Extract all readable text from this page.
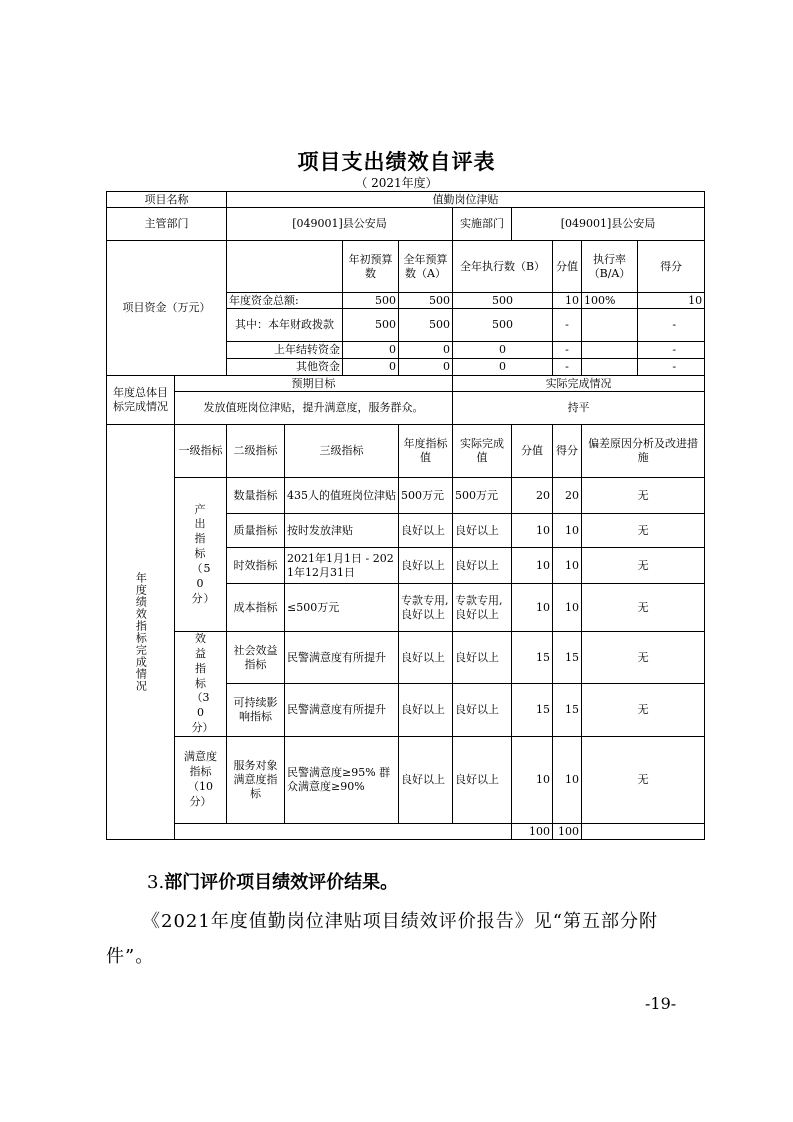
项目支出绩效自评表
（ 2021年度）
项目名称		值勤岗位津贴								
主管部门		[049001]县公安局				实施部门	[049001]县公安局			
项目资金（万元）				年初预算数	全年预算数（A）	全年执行数（B）		分值	执行率（B/A）	得分
		年度资金总额:		500	500	500		10	100%	10
		其中：本年财政拨款		500	500	500		-		-
		上年结转资金		0	0	0		-		-
		其他资金		0	0	0		-		-
年度总体目标完成情况	预期目标					实际完成情况				
	发放值班岗位津贴，提升满意度，服务群众。					持平				

年度绩效指标完成情况	一级指标	二级指标	三级指标		年度指标值	实际完成值	分值	得分	偏差原因分析及改进措施	

	产出指标（50分）	数量指标	435人的值班岗位津贴		500万元	500万元	20	20	无	
		质量指标	按时发放津贴		良好以上	良好以上	10	10	无	
		时效指标	2021年1月1日 - 2021年12月31日		良好以上	良好以上	10	10	无	
		成本指标	≤500万元		专款专用,良好以上	专款专用,良好以上	10	10	无	

	效益指标（30分）	社会效益指标	民警满意度有所提升		良好以上	良好以上	15	15	无	
		可持续影响指标	民警满意度有所提升		良好以上	良好以上	15	15	无	

	满意度指标（10分）	服务对象满意度指标	民警满意度≥95% 群众满意度≥90%		良好以上	良好以上	10	10	无	
							100	100		
3.部门评价项目绩效评价结果。
《2021年度值勤岗位津贴项目绩效评价报告》见“第五部分附件”。
-19-
